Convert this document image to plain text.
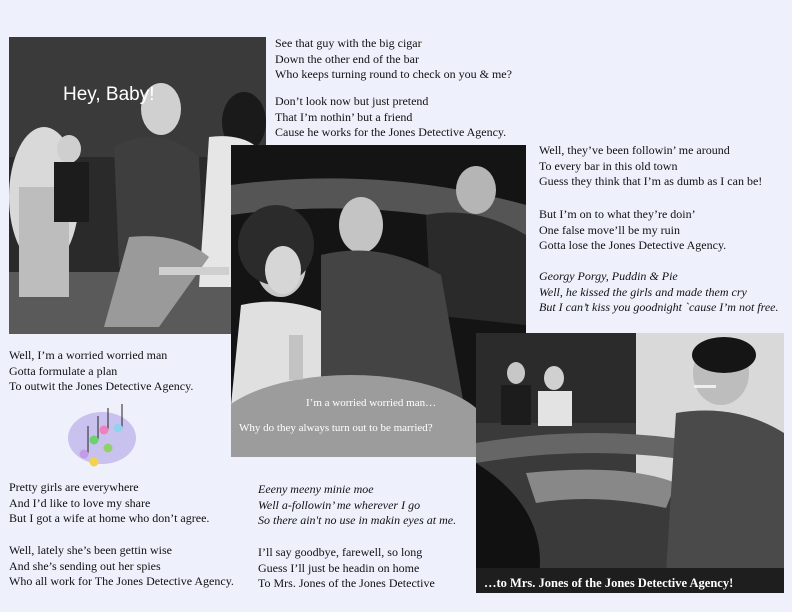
Hey, Baby!
I’m a worried worried man…
Why do they always turn out to be married?
…to Mrs. Jones of the Jones Detective Agency!
See that guy with the big cigar
Down the other end of the bar
Who keeps turning round to check on you & me?
Don’t look now but just pretend
That I’m nothin’ but a friend
Cause he works for the Jones Detective Agency.
Well, they’ve been followin’ me around
To every bar in this old town
Guess they think that I’m as dumb as I can be!
But I’m on to what they’re doin’
One false move’ll be my ruin
Gotta lose the Jones Detective Agency.
Georgy Porgy, Puddin & Pie
Well, he kissed the girls and made them cry
But I can’t kiss you goodnight `cause I’m not free.
Well, I’m a worried worried man
Gotta formulate a plan
To outwit the Jones Detective Agency.
Pretty girls are everywhere
And I’d like to love my share
But I got a wife at home who don’t agree.
Well, lately she’s been gettin wise
And she’s sending out her spies
Who all work for The Jones Detective Agency.
Eeeny meeny minie moe
Well a-followin’ me wherever I go
So there ain't no use in makin eyes at me.
I’ll say goodbye, farewell, so long
Guess I’ll just be headin on home
To Mrs. Jones of the Jones Detective
